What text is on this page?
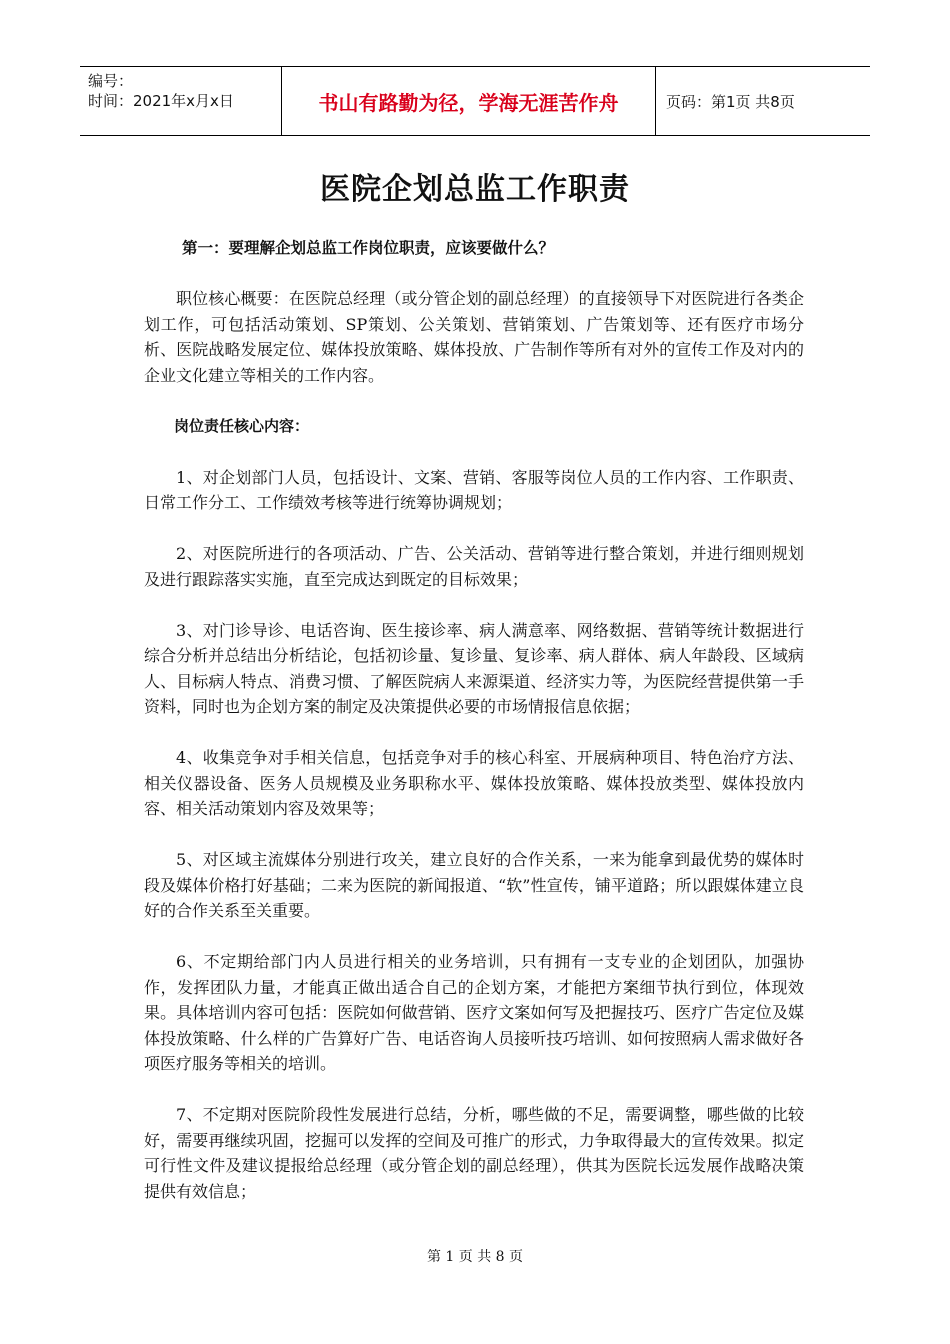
编号：
时间：2021年x月x日	书山有路勤为径，学海无涯苦作舟	页码：第1页 共8页
医院企划总监工作职责
第一：要理解企划总监工作岗位职责，应该要做什么？

职位核心概要：在医院总经理（或分管企划的副总经理）的直接领导下对医院进行各类企划工作，可包括活动策划、SP策划、公关策划、营销策划、广告策划等、还有医疗市场分析、医院战略发展定位、媒体投放策略、媒体投放、广告制作等所有对外的宣传工作及对内的企业文化建立等相关的工作内容。

岗位责任核心内容：

1、对企划部门人员，包括设计、文案、营销、客服等岗位人员的工作内容、工作职责、日常工作分工、工作绩效考核等进行统筹协调规划；

2、对医院所进行的各项活动、广告、公关活动、营销等进行整合策划，并进行细则规划及进行跟踪落实实施，直至完成达到既定的目标效果；

3、对门诊导诊、电话咨询、医生接诊率、病人满意率、网络数据、营销等统计数据进行综合分析并总结出分析结论，包括初诊量、复诊量、复诊率、病人群体、病人年龄段、区域病人、目标病人特点、消费习惯、了解医院病人来源渠道、经济实力等，为医院经营提供第一手资料，同时也为企划方案的制定及决策提供必要的市场情报信息依据；

4、收集竞争对手相关信息，包括竞争对手的核心科室、开展病种项目、特色治疗方法、相关仪器设备、医务人员规模及业务职称水平、媒体投放策略、媒体投放类型、媒体投放内容、相关活动策划内容及效果等；

5、对区域主流媒体分别进行攻关，建立良好的合作关系，一来为能拿到最优势的媒体时段及媒体价格打好基础；二来为医院的新闻报道、“软”性宣传，铺平道路；所以跟媒体建立良好的合作关系至关重要。

6、不定期给部门内人员进行相关的业务培训，只有拥有一支专业的企划团队，加强协作，发挥团队力量，才能真正做出适合自己的企划方案，才能把方案细节执行到位，体现效果。具体培训内容可包括：医院如何做营销、医疗文案如何写及把握技巧、医疗广告定位及媒体投放策略、什么样的广告算好广告、电话咨询人员接听技巧培训、如何按照病人需求做好各项医疗服务等相关的培训。

7、不定期对医院阶段性发展进行总结，分析，哪些做的不足，需要调整，哪些做的比较好，需要再继续巩固，挖掘可以发挥的空间及可推广的形式，力争取得最大的宣传效果。拟定可行性文件及建议提报给总经理（或分管企划的副总经理），供其为医院长远发展作战略决策提供有效信息；

第 1 页 共 8 页
